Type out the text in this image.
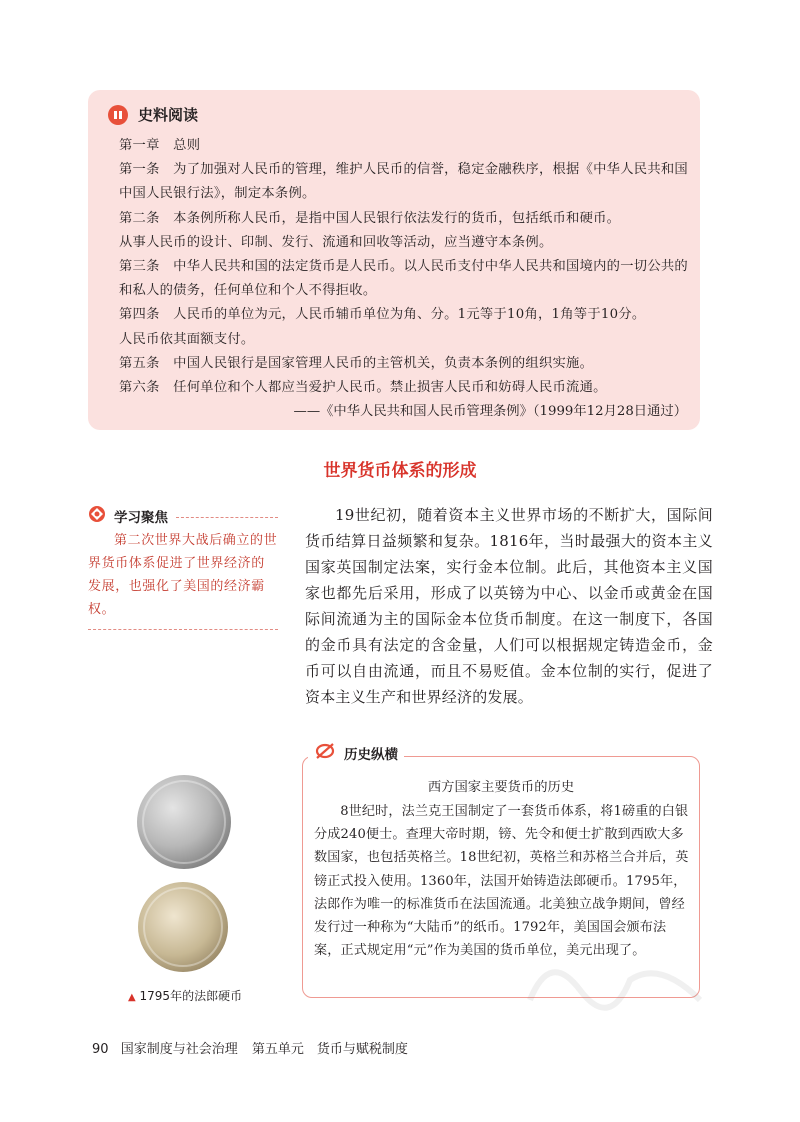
史料阅读

第一章　总则

第一条　为了加强对人民币的管理，维护人民币的信誉，稳定金融秩序，根据《中华人民共和国中国人民银行法》，制定本条例。

第二条　本条例所称人民币，是指中国人民银行依法发行的货币，包括纸币和硬币。

从事人民币的设计、印制、发行、流通和回收等活动，应当遵守本条例。

第三条　中华人民共和国的法定货币是人民币。以人民币支付中华人民共和国境内的一切公共的和私人的债务，任何单位和个人不得拒收。

第四条　人民币的单位为元，人民币辅币单位为角、分。1元等于10角，1角等于10分。

人民币依其面额支付。

第五条　中国人民银行是国家管理人民币的主管机关，负责本条例的组织实施。

第六条　任何单位和个人都应当爱护人民币。禁止损害人民币和妨碍人民币流通。

——《中华人民共和国人民币管理条例》（1999年12月28日通过）

世界货币体系的形成
学习聚焦

第二次世界大战后确立的世界货币体系促进了世界经济的发展，也强化了美国的经济霸权。

19世纪初，随着资本主义世界市场的不断扩大，国际间货币结算日益频繁和复杂。1816年，当时最强大的资本主义国家英国制定法案，实行金本位制。此后，其他资本主义国家也都先后采用，形成了以英镑为中心、以金币或黄金在国际间流通为主的国际金本位货币制度。在这一制度下，各国的金币具有法定的含金量，人们可以根据规定铸造金币，金币可以自由流通，而且不易贬值。金本位制的实行，促进了资本主义生产和世界经济的发展。

▲ 1795年的法郎硬币
历史纵横
西方国家主要货币的历史

8世纪时，法兰克王国制定了一套货币体系，将1磅重的白银分成240便士。查理大帝时期，镑、先令和便士扩散到西欧大多数国家，也包括英格兰。18世纪初，英格兰和苏格兰合并后，英镑正式投入使用。1360年，法国开始铸造法郎硬币。1795年，法郎作为唯一的标准货币在法国流通。北美独立战争期间，曾经发行过一种称为“大陆币”的纸币。1792年，美国国会颁布法案，正式规定用“元”作为美国的货币单位，美元出现了。

90 国家制度与社会治理 第五单元　货币与赋税制度
